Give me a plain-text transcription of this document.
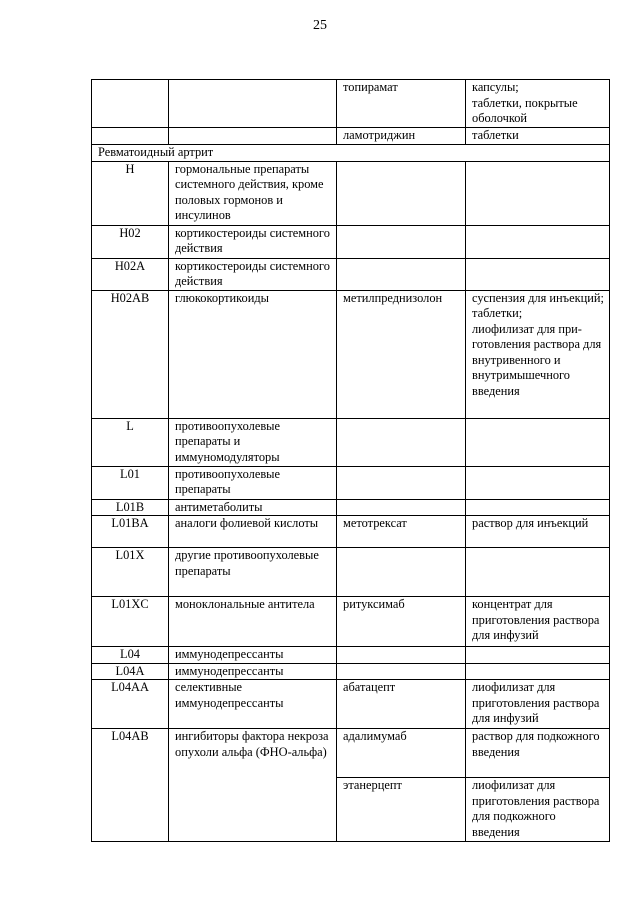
25
		топирамат	капсулы;
таблетки, покрытые
оболочкой

		ламотриджин	таблетки
Ревматоидный артрит			
H	гормональные препараты системного действия, кроме половых гормонов и инсулинов		
H02	кортикостероиды системного действия		
H02A	кортикостероиды системного действия		
H02AB	глюкокортикоиды	метилпреднизолон	суспензия для инъекций;
таблетки;
лиофилизат для при-готовления раствора для внутривенного и внутримышечного введения

L	противоопухолевые препараты и иммуномодуляторы		
L01	противоопухолевые препараты		
L01B	антиметаболиты		
L01BA	аналоги фолиевой кислоты	метотрексат	раствор для инъекций
L01X	другие противоопухолевые препараты		
L01XC	моноклональные антитела	ритуксимаб	концентрат для приготовления раствора для инфузий
L04	иммунодепрессанты		
L04A	иммунодепрессанты		
L04AA	селективные иммунодепрессанты	абатацепт	лиофилизат для приготовления раствора для инфузий
L04AB	ингибиторы фактора некроза опухоли альфа (ФНО-альфа)	адалимумаб	раствор для подкожного введения
		этанерцепт	лиофилизат для приготовления раствора для подкожного введения
